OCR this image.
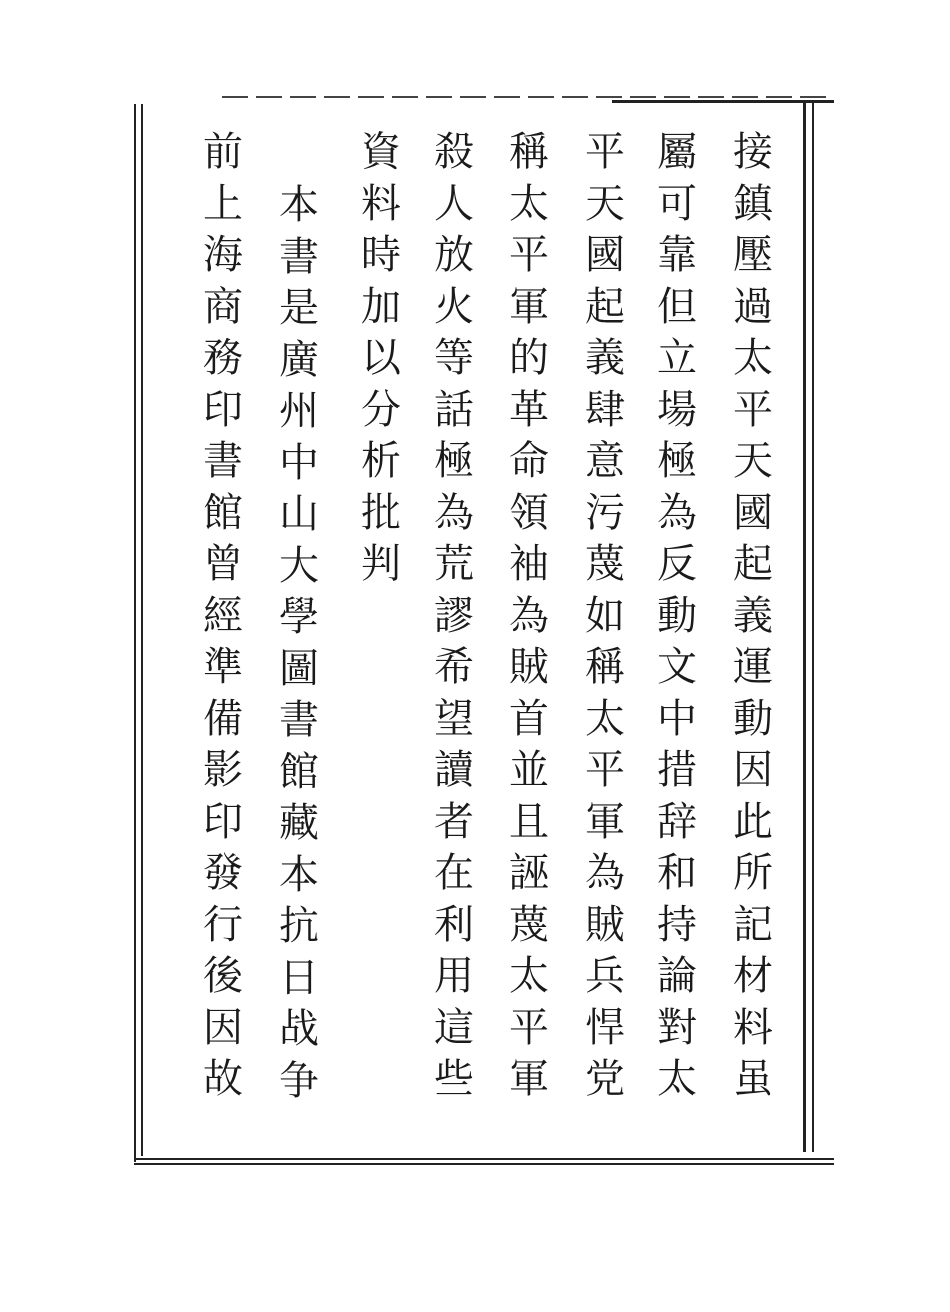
接鎮壓過太平天國起義運動因此所記材料虽
屬可靠但立場極為反動文中措辞和持論對太
平天國起義肆意污蔑如稱太平軍為賊兵悍党
稱太平軍的革命領袖為賊首並且誣蔑太平軍
殺人放火等話極為荒謬希望讀者在利用這些
資料時加以分析批判
本書是廣州中山大學圖書館藏本抗日战争
前上海商務印書館曾經準備影印發行後因故
